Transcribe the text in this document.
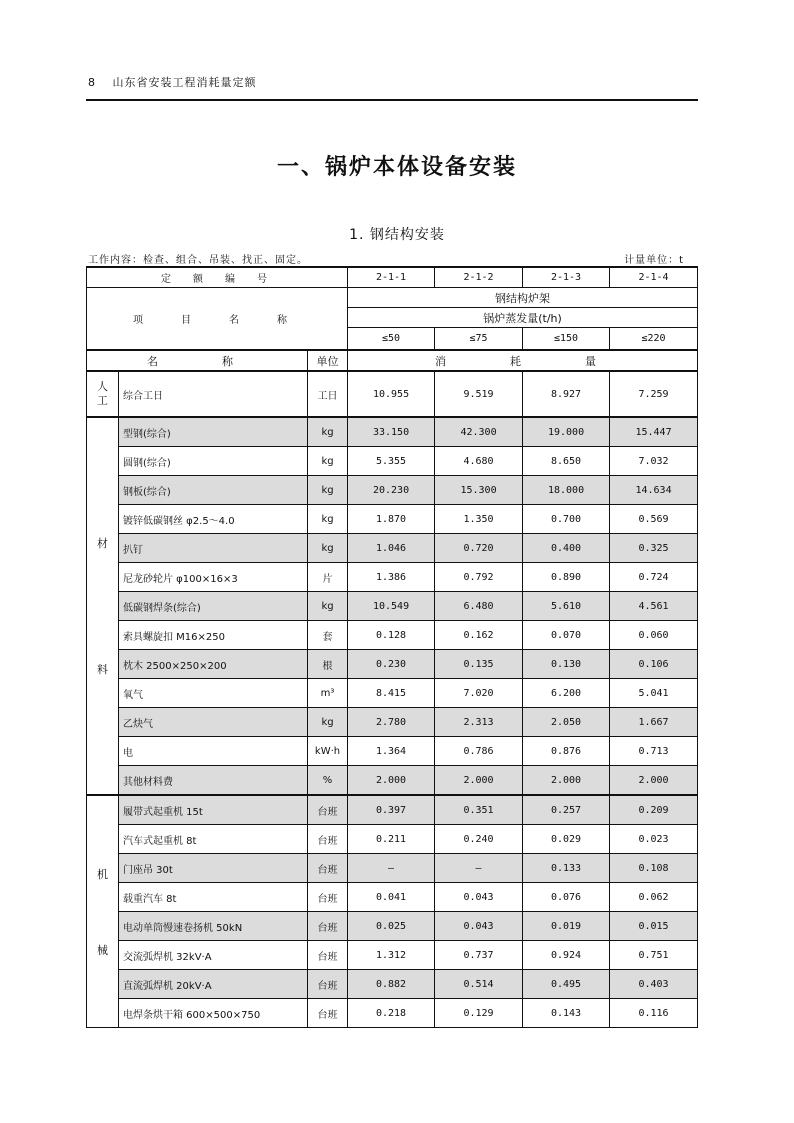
8 山东省安装工程消耗量定额
一、锅炉本体设备安装
1. 钢结构安装
工作内容：检查、组合、吊装、找正、固定。	计量单位：t
定　额　编　号			2-1-1	2-1-2	2-1-3	2-1-4
项　目　名　称			钢结构炉架			
			锅炉蒸发量(t/h)			
			≤50	≤75	≤150	≤220
名　　称		单位	消　　耗　　量			
人工	综合工日	工日	10.955	9.519	8.927	7.259

材
料	型钢(综合)	kg	33.150	42.300	19.000	15.447
	圆钢(综合)	kg	5.355	4.680	8.650	7.032
	钢板(综合)	kg	20.230	15.300	18.000	14.634
	镀锌低碳钢丝 φ2.5～4.0	kg	1.870	1.350	0.700	0.569
	扒钉	kg	1.046	0.720	0.400	0.325
	尼龙砂轮片 φ100×16×3	片	1.386	0.792	0.890	0.724
	低碳钢焊条(综合)	kg	10.549	6.480	5.610	4.561
	索具螺旋扣 M16×250	套	0.128	0.162	0.070	0.060
	枕木 2500×250×200	根	0.230	0.135	0.130	0.106
	氧气	m³	8.415	7.020	6.200	5.041
	乙炔气	kg	2.780	2.313	2.050	1.667
	电	kW·h	1.364	0.786	0.876	0.713
	其他材料费	%	2.000	2.000	2.000	2.000

机
械	履带式起重机 15t	台班	0.397	0.351	0.257	0.209
	汽车式起重机 8t	台班	0.211	0.240	0.029	0.023
	门座吊 30t	台班	—	—	0.133	0.108
	载重汽车 8t	台班	0.041	0.043	0.076	0.062
	电动单筒慢速卷扬机 50kN	台班	0.025	0.043	0.019	0.015
	交流弧焊机 32kV·A	台班	1.312	0.737	0.924	0.751
	直流弧焊机 20kV·A	台班	0.882	0.514	0.495	0.403
	电焊条烘干箱 600×500×750	台班	0.218	0.129	0.143	0.116
